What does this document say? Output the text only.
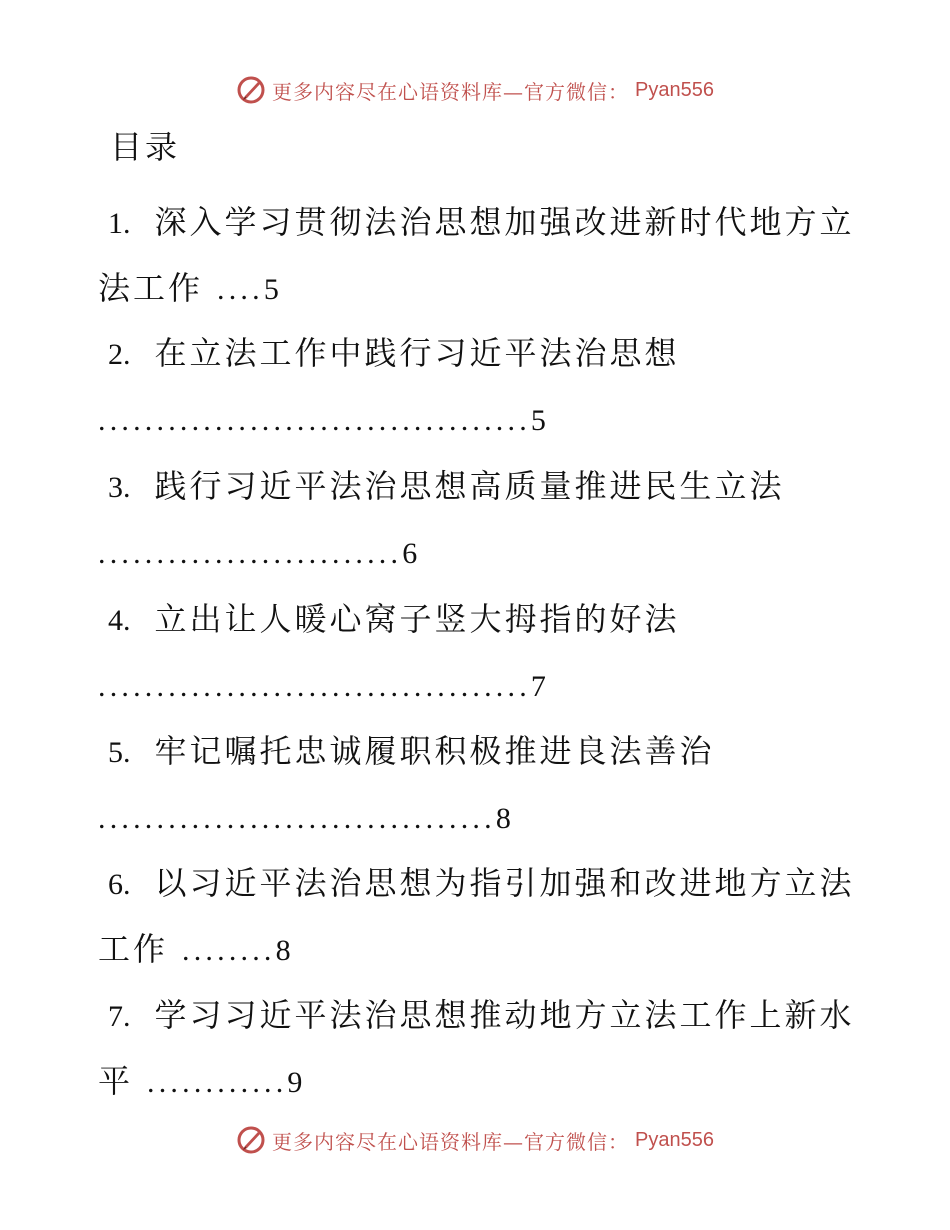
更多内容尽在心语资料库—官方微信： Pyan556
目录
1. 深入学习贯彻法治思想加强改进新时代地方立
法工作 ....5
2. 在立法工作中践行习近平法治思想
.....................................5
3. 践行习近平法治思想高质量推进民生立法
..........................6
4. 立出让人暖心窝子竖大拇指的好法
.....................................7
5. 牢记嘱托忠诚履职积极推进良法善治
..................................8
6. 以习近平法治思想为指引加强和改进地方立法
工作 ........8
7. 学习习近平法治思想推动地方立法工作上新水
平 ............9
更多内容尽在心语资料库—官方微信： Pyan556
